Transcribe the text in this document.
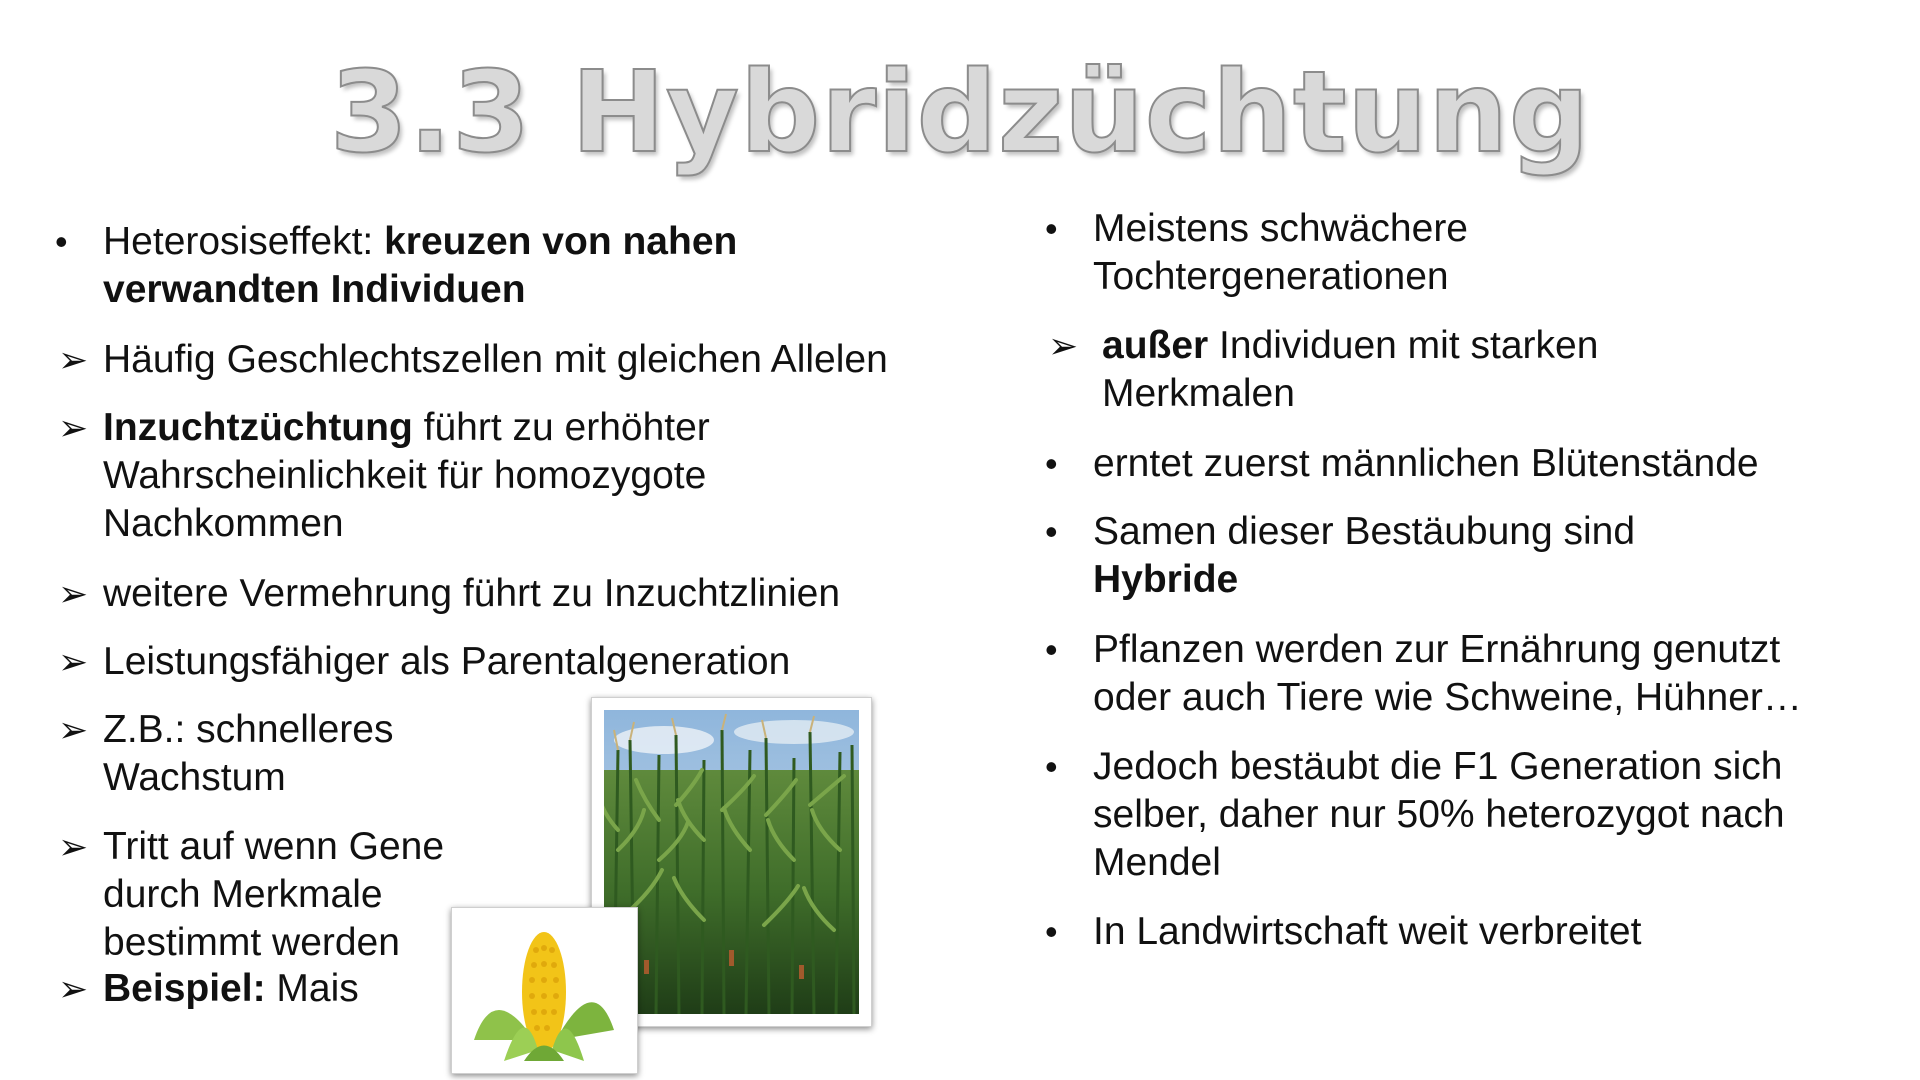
3.3 Hybridzüchtung
• Heterosiseffekt: kreuzen von nahen verwandten Individuen
➢ Häufig Geschlechtszellen mit gleichen Allelen
➢ Inzuchtzüchtung führt zu erhöhter Wahrscheinlichkeit für homozygote Nachkommen
➢ weitere Vermehrung führt zu Inzuchtzlinien
➢ Leistungsfähiger als Parentalgeneration
➢ Z.B.: schnelleres Wachstum
➢ Tritt auf wenn Gene durch Merkmale bestimmt werden
➢ Beispiel: Mais
• Meistens schwächere Tochtergenerationen
➢ außer Individuen mit starken Merkmalen
• erntet zuerst männlichen Blütenstände
• Samen dieser Bestäubung sind Hybride
• Pflanzen werden zur Ernährung genutzt oder auch Tiere wie Schweine, Hühner…
• Jedoch bestäubt die F1 Generation sich selber, daher nur 50% heterozygot nach Mendel
• In Landwirtschaft weit verbreitet
